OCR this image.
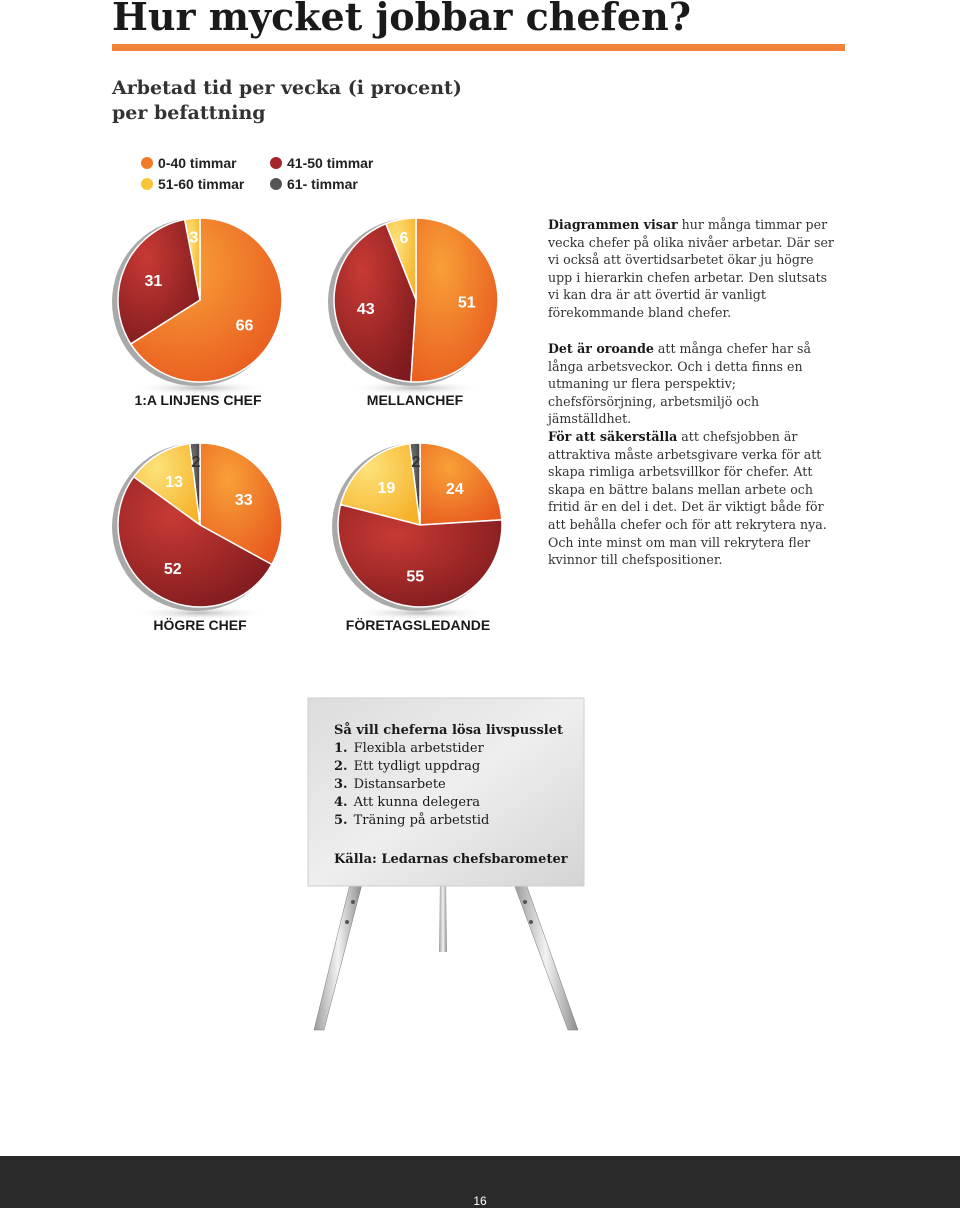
Hur mycket jobbar chefen?
Arbetad tid per vecka (i procent)
per befattning
0-40 timmar
51-60 timmar
41-50 timmar
61- timmar
66
3
31
51
6
43
33
2
13
52
24
2
19
55
1:A LINJENS CHEF	MELLANCHEF
HÖGRE CHEF	FÖRETAGSLEDANDE
Diagrammen visar hur många timmar per vecka chefer på olika nivåer arbetar. Där ser vi också att övertidsarbetet ökar ju högre upp i hierarkin chefen arbetar. Den slutsats vi kan dra är att övertid är vanligt förekommande bland chefer.
Det är oroande att många chefer har så långa arbetsveckor. Och i detta finns en utmaning ur flera perspektiv; chefsförsörjning, arbetsmiljö och jämställdhet.
För att säkerställa att chefsjobben är attraktiva måste arbetsgivare verka för att skapa rimliga arbetsvillkor för chefer. Att skapa en bättre balans mellan arbete och fritid är en del i det. Det är viktigt både för att behålla chefer och för att rekrytera nya. Och inte minst om man vill rekrytera fler kvinnor till chefspositioner.
Så vill cheferna lösa livspusslet
1. Flexibla arbetstider
2. Ett tydligt uppdrag
3. Distansarbete
4. Att kunna delegera
5. Träning på arbetstid
Källa: Ledarnas chefsbarometer
16
